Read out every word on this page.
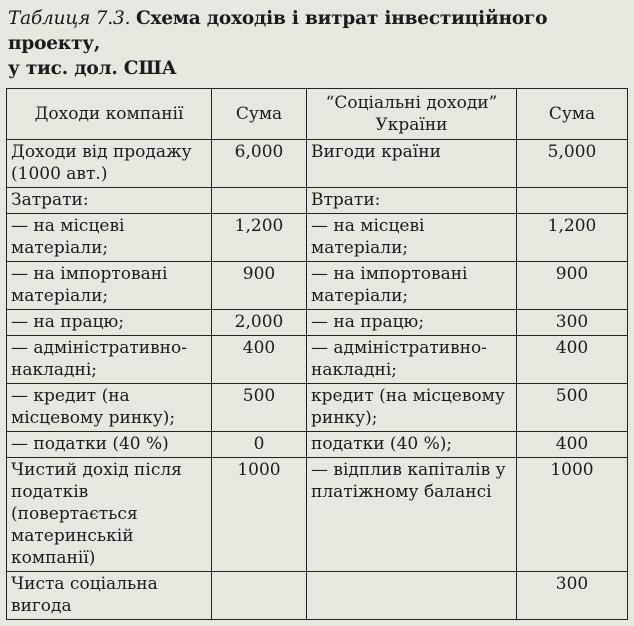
Таблиця 7.3. Схема доходів і витрат інвестиційного проекту,
у тис. дол. США
Доходи компанії	Сума	“Соціальні доходи” України	Сума
Доходи від продажу (1000 авт.)	6,000	Вигоди країни	5,000
Затрати:		Втрати:	
— на місцеві матеріали;	1,200	— на місцеві матеріали;	1,200
— на імпортовані матеріали;	900	— на імпортовані матеріали;	900
— на працю;	2,000	— на працю;	300
— адміністративно-накладні;	400	— адміністративно-накладні;	400
— кредит (на місцевому ринку);	500	кредит (на місцевому ринку);	500
— податки (40 %)	0	податки (40 %);	400
Чистий дохід після податків (повертається материнській компанії)	1000	— відплив капіталів у платіжному балансі	1000
Чиста соціальна вигода			300
